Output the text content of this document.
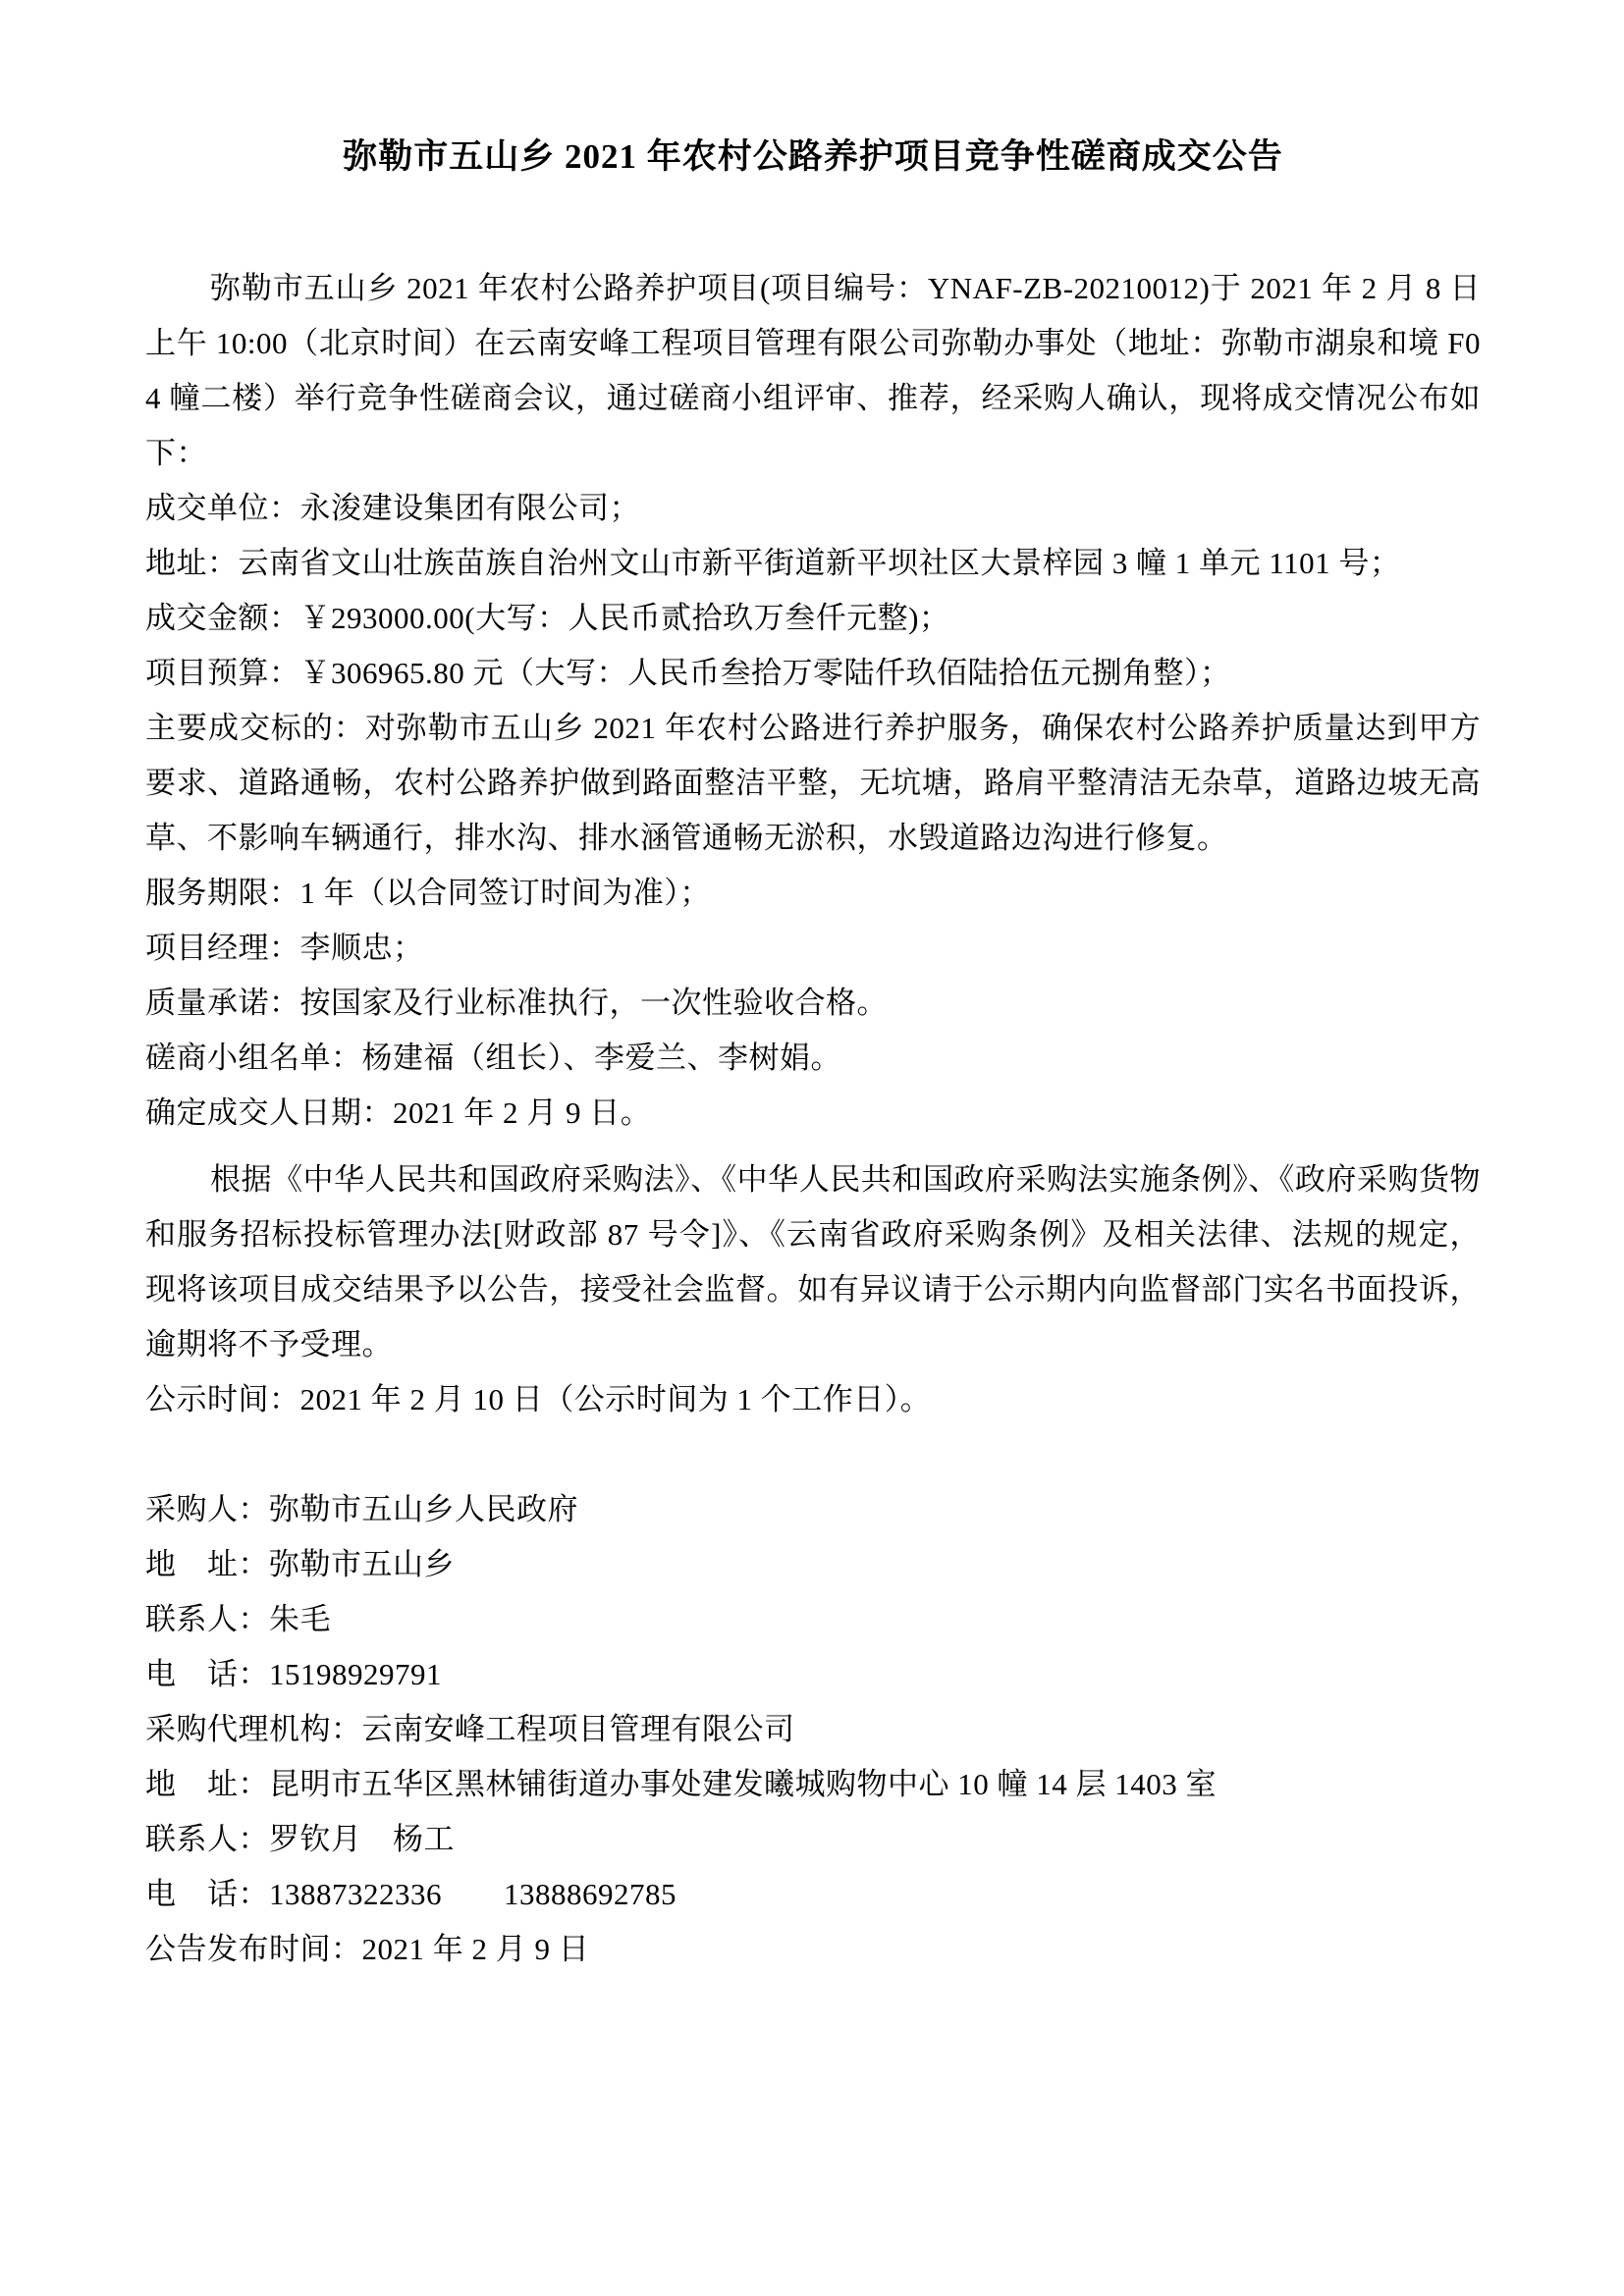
弥勒市五山乡 2021 年农村公路养护项目竞争性磋商成交公告

弥勒市五山乡 2021 年农村公路养护项目(项目编号：YNAF-ZB-20210012)于 2021 年 2 月 8 日上午 10:00（北京时间）在云南安峰工程项目管理有限公司弥勒办事处（地址：弥勒市湖泉和境 F04 幢二楼）举行竞争性磋商会议，通过磋商小组评审、推荐，经采购人确认，现将成交情况公布如下：

成交单位：永浚建设集团有限公司；

地址：云南省文山壮族苗族自治州文山市新平街道新平坝社区大景梓园 3 幢 1 单元 1101 号；

成交金额：￥293000.00(大写：人民币贰拾玖万叁仟元整)；

项目预算：￥306965.80 元（大写：人民币叁拾万零陆仟玖佰陆拾伍元捌角整）；

主要成交标的：对弥勒市五山乡 2021 年农村公路进行养护服务，确保农村公路养护质量达到甲方要求、道路通畅，农村公路养护做到路面整洁平整，无坑塘，路肩平整清洁无杂草，道路边坡无高草、不影响车辆通行，排水沟、排水涵管通畅无淤积，水毁道路边沟进行修复。

服务期限：1 年（以合同签订时间为准）；

项目经理：李顺忠；

质量承诺：按国家及行业标准执行，一次性验收合格。

磋商小组名单：杨建福（组长）、李爱兰、李树娟。

确定成交人日期：2021 年 2 月 9 日。

根据《中华人民共和国政府采购法》、《中华人民共和国政府采购法实施条例》、《政府采购货物和服务招标投标管理办法[财政部 87 号令]》、《云南省政府采购条例》及相关法律、法规的规定，现将该项目成交结果予以公告，接受社会监督。如有异议请于公示期内向监督部门实名书面投诉，逾期将不予受理。

公示时间：2021 年 2 月 10 日（公示时间为 1 个工作日）。

采购人：弥勒市五山乡人民政府

地　址：弥勒市五山乡

联系人：朱毛

电　话：15198929791

采购代理机构：云南安峰工程项目管理有限公司

地　址：昆明市五华区黑林铺街道办事处建发曦城购物中心 10 幢 14 层 1403 室

联系人：罗钦月　杨工

电　话：13887322336　　13888692785

公告发布时间：2021 年 2 月 9 日
